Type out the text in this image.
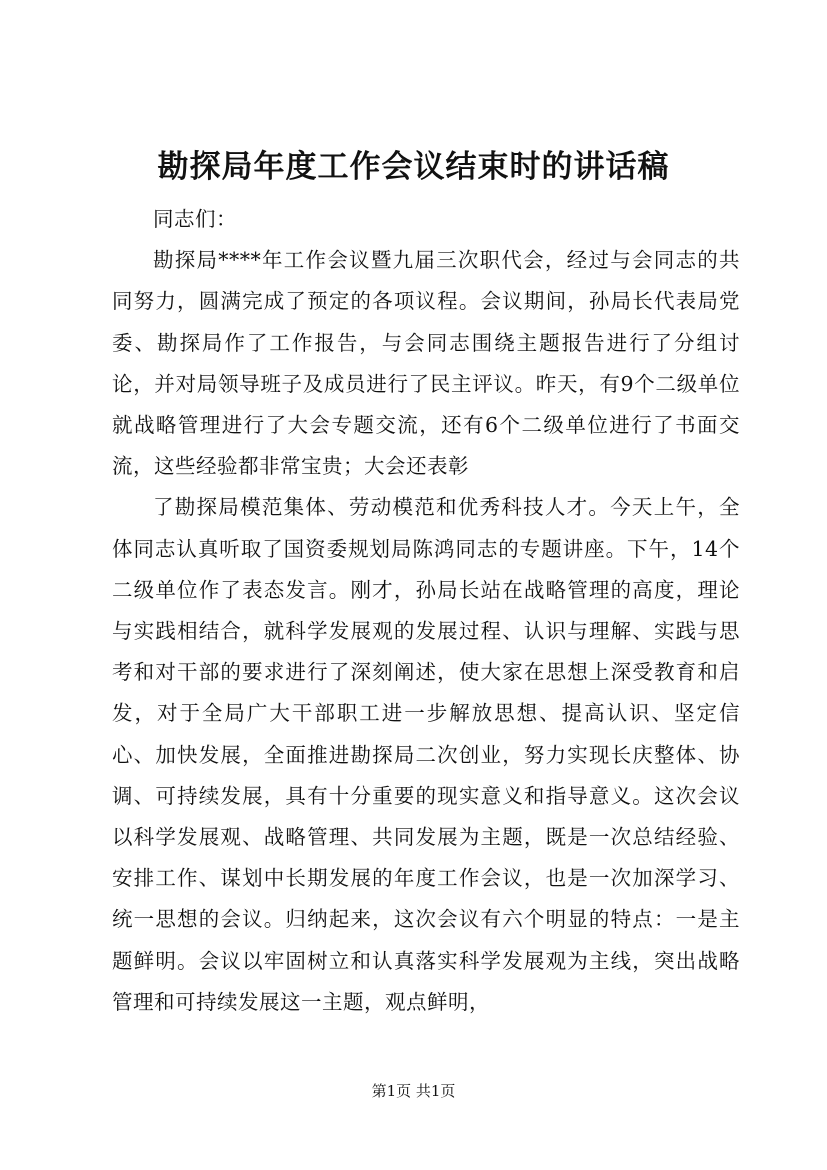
勘探局年度工作会议结束时的讲话稿

同志们：

勘探局****年工作会议暨九届三次职代会，经过与会同志的共同努力，圆满完成了预定的各项议程。会议期间，孙局长代表局党委、勘探局作了工作报告，与会同志围绕主题报告进行了分组讨论，并对局领导班子及成员进行了民主评议。昨天，有9个二级单位就战略管理进行了大会专题交流，还有6个二级单位进行了书面交流，这些经验都非常宝贵；大会还表彰

了勘探局模范集体、劳动模范和优秀科技人才。今天上午，全体同志认真听取了国资委规划局陈鸿同志的专题讲座。下午，14个二级单位作了表态发言。刚才，孙局长站在战略管理的高度，理论与实践相结合，就科学发展观的发展过程、认识与理解、实践与思考和对干部的要求进行了深刻阐述，使大家在思想上深受教育和启发，对于全局广大干部职工进一步解放思想、提高认识、坚定信心、加快发展，全面推进勘探局二次创业，努力实现长庆整体、协调、可持续发展，具有十分重要的现实意义和指导意义。这次会议以科学发展观、战略管理、共同发展为主题，既是一次总结经验、安排工作、谋划中长期发展的年度工作会议，也是一次加深学习、统一思想的会议。归纳起来，这次会议有六个明显的特点：一是主题鲜明。会议以牢固树立和认真落实科学发展观为主线，突出战略管理和可持续发展这一主题，观点鲜明，

第1页 共1页
